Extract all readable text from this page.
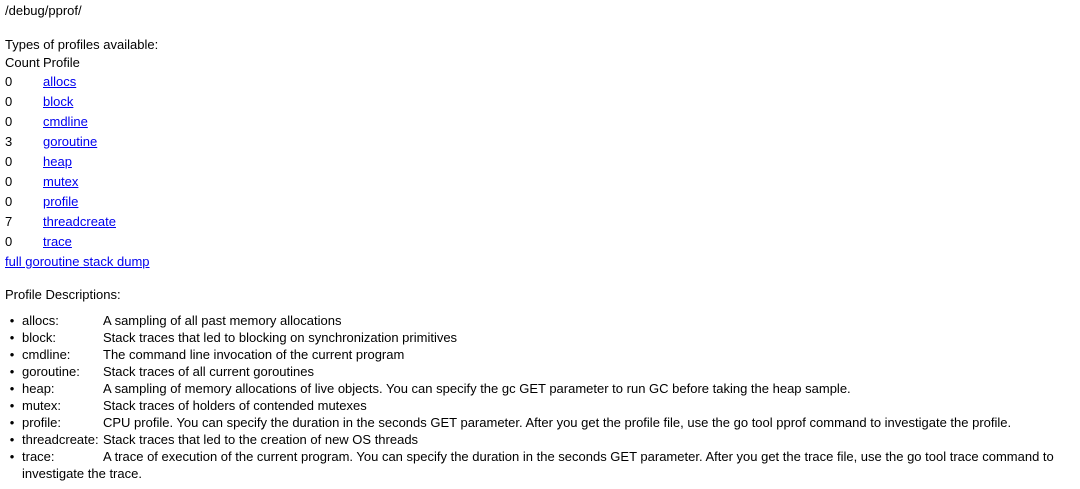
/debug/pprof/
Types of profiles available:
Count	Profile
0	allocs
0	block
0	cmdline
3	goroutine
0	heap
0	mutex
0	profile
7	threadcreate
0	trace
full goroutine stack dump
Profile Descriptions:
• allocs:	A sampling of all past memory allocations
• block:	Stack traces that led to blocking on synchronization primitives
• cmdline:	The command line invocation of the current program
• goroutine: Stack traces of all current goroutines
• heap:	A sampling of memory allocations of live objects. You can specify the gc GET parameter to run GC before taking the heap sample.
• mutex:	Stack traces of holders of contended mutexes
• profile:	CPU profile. You can specify the duration in the seconds GET parameter. After you get the profile file, use the go tool pprof command to investigate the profile.
• threadcreate: Stack traces that led to the creation of new OS threads
• trace:	A trace of execution of the current program. You can specify the duration in the seconds GET parameter. After you get the trace file, use the go tool trace command to investigate the trace.
